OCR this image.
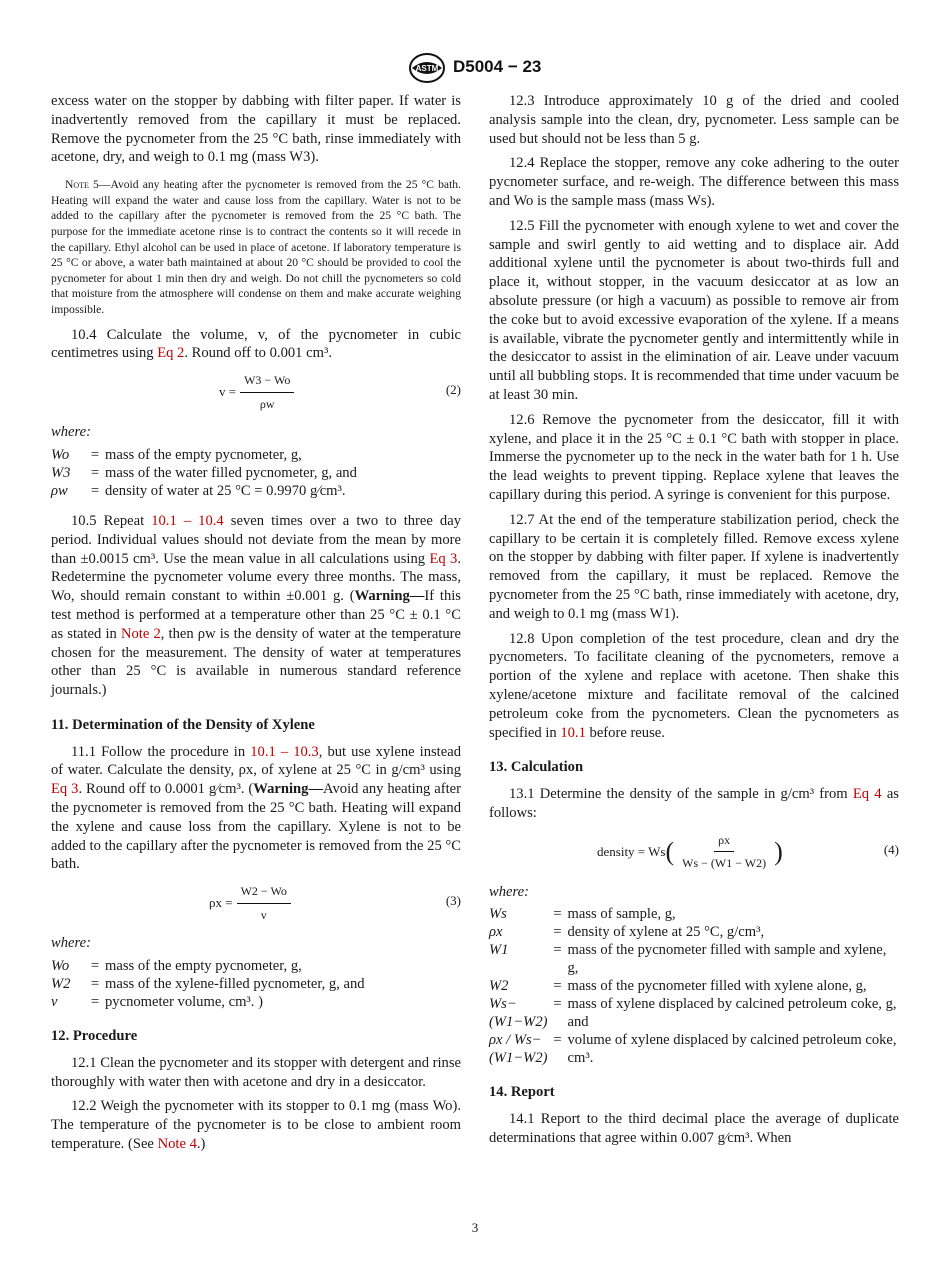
ASTM D5004 − 23

excess water on the stopper by dabbing with filter paper. If water is inadvertently removed from the capillary it must be replaced. Remove the pycnometer from the 25 °C bath, rinse immediately with acetone, dry, and weigh to 0.1 mg (mass W3).

Note 5—Avoid any heating after the pycnometer is removed from the 25 °C bath. Heating will expand the water and cause loss from the capillary. Water is not to be added to the capillary after the pycnometer is removed from the 25 °C bath. The purpose for the immediate acetone rinse is to contract the contents so it will recede in the capillary. Ethyl alcohol can be used in place of acetone. If laboratory temperature is 25 °C or above, a water bath maintained at about 20 °C should be provided to cool the pycnometer for about 1 min then dry and weigh. Do not chill the pycnometers so cold that moisture from the atmosphere will condense on them and make accurate weighing impossible.

10.4 Calculate the volume, v, of the pycnometer in cubic centimetres using Eq 2. Round off to 0.001 cm³.

$v = \frac{W3 - Wo}{\rho w}$	(2)

where:

Wo	=	mass of the empty pycnometer, g,
W3	=	mass of the water filled pycnometer, g, and
ρw	=	density of water at 25 °C = 0.9970 g⁄cm³.

10.5 Repeat 10.1 – 10.4 seven times over a two to three day period. Individual values should not deviate from the mean by more than ±0.0015 cm³. Use the mean value in all calculations using Eq 3. Redetermine the pycnometer volume every three months. The mass, Wo, should remain constant to within ±0.001 g. (Warning—If this test method is performed at a temperature other than 25 °C ± 0.1 °C as stated in Note 2, then ρw is the density of water at the temperature chosen for the measurement. The density of water at temperatures other than 25 °C is available in numerous standard reference journals.)

11. Determination of the Density of Xylene

11.1 Follow the procedure in 10.1 – 10.3, but use xylene instead of water. Calculate the density, ρx, of xylene at 25 °C in g/cm³ using Eq 3. Round off to 0.0001 g⁄cm³. (Warning—Avoid any heating after the pycnometer is removed from the 25 °C bath. Heating will expand the xylene and cause loss from the capillary. Xylene is not to be added to the capillary after the pycnometer is removed from the 25 °C bath.

$\rho x = \frac{W2 - Wo}{v}$	(3)

where:

Wo	=	mass of the empty pycnometer, g,
W2	=	mass of the xylene-filled pycnometer, g, and
v	=	pycnometer volume, cm³. )

12. Procedure

12.1 Clean the pycnometer and its stopper with detergent and rinse thoroughly with water then with acetone and dry in a desiccator.

12.2 Weigh the pycnometer with its stopper to 0.1 mg (mass Wo). The temperature of the pycnometer is to be close to ambient room temperature. (See Note 4.)

12.3 Introduce approximately 10 g of the dried and cooled analysis sample into the clean, dry, pycnometer. Less sample can be used but should not be less than 5 g.

12.4 Replace the stopper, remove any coke adhering to the outer pycnometer surface, and re-weigh. The difference between this mass and Wo is the sample mass (mass Ws).

12.5 Fill the pycnometer with enough xylene to wet and cover the sample and swirl gently to aid wetting and to displace air. Add additional xylene until the pycnometer is about two-thirds full and place it, without stopper, in the vacuum desiccator at as low an absolute pressure (or high a vacuum) as possible to remove air from the coke but to avoid excessive evaporation of the xylene. If a means is available, vibrate the pycnometer gently and intermittently while in the desiccator to assist in the elimination of air. Leave under vacuum until all bubbling stops. It is recommended that time under vacuum be at least 30 min.

12.6 Remove the pycnometer from the desiccator, fill it with xylene, and place it in the 25 °C ± 0.1 °C bath with stopper in place. Immerse the pycnometer up to the neck in the water bath for 1 h. Use the lead weights to prevent tipping. Replace xylene that leaves the capillary during this period. A syringe is convenient for this purpose.

12.7 At the end of the temperature stabilization period, check the capillary to be certain it is completely filled. Remove excess xylene on the stopper by dabbing with filter paper. If xylene is inadvertently removed from the capillary, it must be replaced. Remove the pycnometer from the 25 °C bath, rinse immediately with acetone, dry, and weigh to 0.1 mg (mass W1).

12.8 Upon completion of the test procedure, clean and dry the pycnometers. To facilitate cleaning of the pycnometers, remove a portion of the xylene and replace with acetone. Then shake this xylene/acetone mixture and facilitate removal of the calcined petroleum coke from the pycnometers. Clean the pycnometers as specified in 10.1 before reuse.

13. Calculation

13.1 Determine the density of the sample in g/cm³ from Eq 4 as follows:

density = Ws ( $\frac{\rho x}{Ws - (W1 - W2)}$ )	(4)

where:

Ws	=	mass of sample, g,
ρx	=	density of xylene at 25 °C, g/cm³,
W1	=	mass of the pycnometer filled with sample and xylene, g,
W2	=	mass of the pycnometer filled with xylene alone, g,
Ws−(W1−W2)	=	mass of xylene displaced by calcined petroleum coke, g, and
ρx / Ws−(W1−W2)	=	volume of xylene displaced by calcined petroleum coke, cm³.

14. Report

14.1 Report to the third decimal place the average of duplicate determinations that agree within 0.007 g⁄cm³. When

3
